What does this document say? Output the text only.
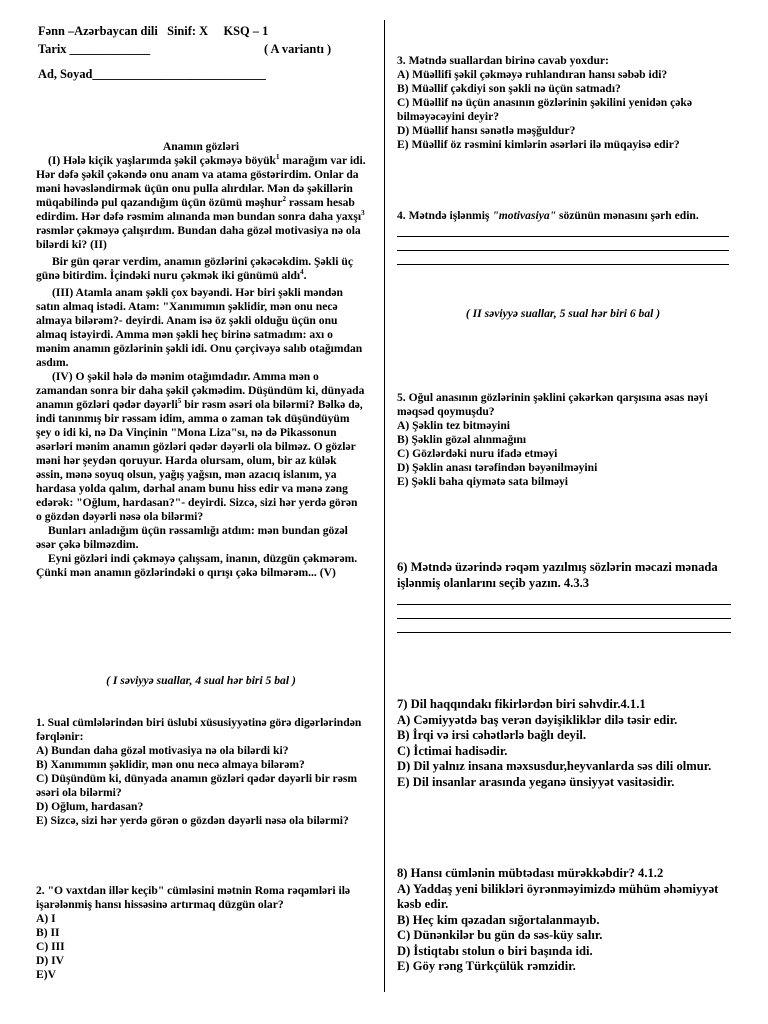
Fənn –Azərbaycan dili   Sinif: X     KSQ – 1

Tarix _____________	( A variantı )

Ad, Soyad____________________________

Anamın gözləri

(I) Hələ kiçik yaşlarımda şəkil çəkməyə böyük$^1$ marağım var idi. Hər dəfə şəkil çəkəndə onu anam va atama göstərirdim. Onlar da məni həvəsləndirmək üçün onu pulla alırdılar. Mən də şəkillərin müqabilində pul qazandığım üçün özümü məşhur$^2$ rəssam hesab edirdim. Hər dəfə rəsmim alınanda mən bundan sonra daha yaxşı$^3$ rəsmlər çəkməyə çalışırdım. Bundan daha gözəl motivasiya nə ola bilərdi ki? (II)

Bir gün qərar verdim, anamın gözlərini çəkəcəkdim. Şəkli üç günə bitirdim. İçindəki nuru çəkmək iki günümü aldı$^4$.

(III) Atamla anam şəkli çox bəyəndi. Hər biri şəkli məndən satın almaq istədi. Atam: "Xanımımın şəklidir, mən onu necə almaya bilərəm?- deyirdi. Anam isə öz şəkli olduğu üçün onu almaq istəyirdi. Amma mən şəkli heç birinə satmadım: axı o mənim anamın gözlərinin şəkli idi. Onu çərçivəyə salıb otağımdan asdım.

(IV) O şəkil hələ də mənim otağımdadır. Amma mən o zamandan sonra bir daha şəkil çəkmədim. Düşündüm ki, dünyada anamın gözləri qədər dəyərli$^5$ bir rəsm əsəri ola bilərmi? Bəlkə də, indi tanınmış bir rəssam idim, amma o zaman tək düşündüyüm şey o idi ki, nə Da Vinçinin "Mona Liza"sı, nə də Pikassonun əsərləri mənim anamın gözləri qədər dəyərli ola bilməz. O gözlər məni hər şeydən qoruyur. Harda olursam, olum, bir az külək əssin, mənə soyuq olsun, yağış yağsın, mən azacıq islanım, ya hardasa yolda qalım, dərhal anam bunu hiss edir va mənə zəng edərək: "Oğlum, hardasan?"- deyirdi. Sizcə, sizi hər yerdə görən o gözdən dəyərli nəsə ola bilərmi?

Bunları anladığım üçün rəssamlığı atdım: mən bundan gözəl əsər çəkə bilməzdim.

Eyni gözləri indi çəkməyə çalışsam, inanın, düzgün çəkmərəm. Çünki mən anamın gözlərindəki o qırışı çəkə bilmərəm... (V)

( I səviyyə suallar, 4 sual hər biri 5 bal )

1. Sual cümlələrindən biri üslubi xüsusiyyətinə görə digərlərindən fərqlənir:

A) Bundan daha gözəl motivasiya nə ola bilərdi ki?

B) Xanımımın şəklidir, mən onu necə almaya bilərəm?

C) Düşündüm ki, dünyada anamın gözləri qədər dəyərli bir rəsm əsəri ola bilərmi?

D) Oğlum, hardasan?

E) Sizcə, sizi hər yerdə görən o gözdən dəyərli nəsə ola bilərmi?

2. "O vaxtdan illər keçib" cümləsini mətnin Roma rəqəmləri ilə işarələnmiş hansı hissəsinə artırmaq düzgün olar?

A) I

B) II

C) III

D) IV

E)V

3. Mətndə suallardan birinə cavab yoxdur:

A) Müəllifi şəkil çəkməyə ruhlandıran hansı səbəb idi?

B) Müəllif çəkdiyi son şəkli nə üçün satmadı?

C) Müəllif nə üçün anasının gözlərinin şəkilini yenidən çəkə bilməyəcəyini deyir?

D) Müəllif hansı sənətlə məşğuldur?

E) Müəllif öz rəsmini kimlərin əsərləri ilə müqayisə edir?

4. Mətndə işlənmiş "motivasiya" sözünün mənasını şərh edin.

( II səviyyə suallar, 5 sual hər biri 6 bal )

5. Oğul anasının gözlərinin şəklini çəkərkən qarşısına əsas nəyi məqsəd qoymuşdu?

A) Şəklin tez bitməyini

B) Şəklin gözəl alınmağını

C) Gözlərdəki nuru ifadə etməyi

D) Şəklin anası tərəfindən bəyənilməyini

E) Şəkli baha qiymətə sata bilməyi

6) Mətndə üzərində rəqəm yazılmış sözlərin məcazi mənada işlənmiş olanlarını seçib yazın. 4.3.3

7) Dil haqqındakı fikirlərdən biri səhvdir.4.1.1

A) Cəmiyyətdə baş verən dəyişikliklər dilə təsir edir.

B) İrqi və irsi cəhətlərlə bağlı deyil.

C) İctimai hadisədir.

D) Dil yalnız insana məxsusdur,heyvanlarda səs dili olmur.

E) Dil insanlar arasında yeganə ünsiyyət vasitəsidir.

8) Hansı cümlənin mübtədası mürəkkəbdir? 4.1.2

A) Yaddaş yeni bilikləri öyrənməyimizdə mühüm əhəmiyyət kəsb edir.

B) Heç kim qəzadan sığortalanmayıb.

C) Dünənkilər bu gün də səs-küy salır.

D) İstiqtabı stolun o biri başında idi.

E) Göy rəng Türkçülük rəmzidir.
